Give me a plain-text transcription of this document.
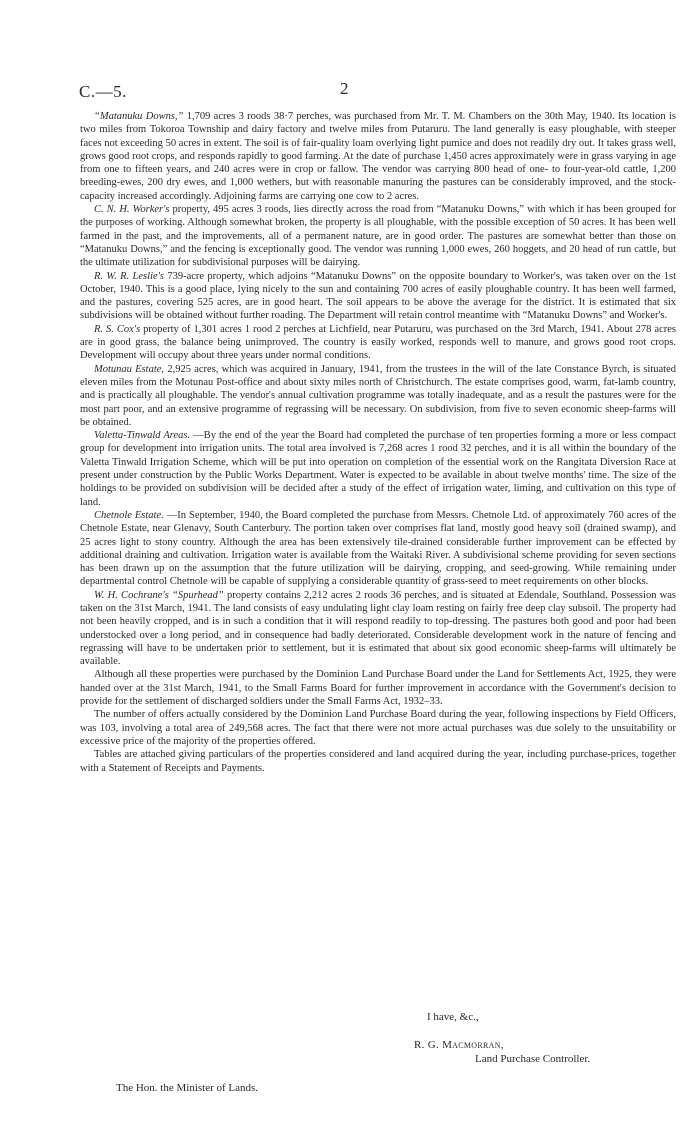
C.—5.	2

“Matanuku Downs,” 1,709 acres 3 roods 38·7 perches, was purchased from Mr. T. M. Chambers on the 30th May, 1940. Its location is two miles from Tokoroa Township and dairy factory and twelve miles from Putaruru. The land generally is easy ploughable, with steeper faces not exceeding 50 acres in extent. The soil is of fair-quality loam overlying light pumice and does not readily dry out. It takes grass well, grows good root crops, and responds rapidly to good farming. At the date of purchase 1,450 acres approximately were in grass varying in age from one to fifteen years, and 240 acres were in crop or fallow. The vendor was carrying 800 head of one- to four-year-old cattle, 1,200 breeding-ewes, 200 dry ewes, and 1,000 wethers, but with reasonable manuring the pastures can be considerably improved, and the stock-capacity increased accordingly. Adjoining farms are carrying one cow to 2 acres.

C. N. H. Worker's property, 495 acres 3 roods, lies directly across the road from “Matanuku Downs,” with which it has been grouped for the purposes of working. Although somewhat broken, the property is all ploughable, with the possible exception of 50 acres. It has been well farmed in the past, and the improvements, all of a permanent nature, are in good order. The pastures are somewhat better than those on “Matanuku Downs,” and the fencing is exceptionally good. The vendor was running 1,000 ewes, 260 hoggets, and 20 head of run cattle, but the ultimate utilization for subdivisional purposes will be dairying.

R. W. R. Leslie's 739-acre property, which adjoins “Matanuku Downs” on the opposite boundary to Worker's, was taken over on the 1st October, 1940. This is a good place, lying nicely to the sun and containing 700 acres of easily ploughable country. It has been well farmed, and the pastures, covering 525 acres, are in good heart. The soil appears to be above the average for the district. It is estimated that six subdivisions will be obtained without further roading. The Department will retain control meantime with “Matanuku Downs” and Worker's.

R. S. Cox's property of 1,301 acres 1 rood 2 perches at Lichfield, near Putaruru, was purchased on the 3rd March, 1941. About 278 acres are in good grass, the balance being unimproved. The country is easily worked, responds well to manure, and grows good root crops. Development will occupy about three years under normal conditions.

Motunau Estate, 2,925 acres, which was acquired in January, 1941, from the trustees in the will of the late Constance Byrch, is situated eleven miles from the Motunau Post-office and about sixty miles north of Christchurch. The estate comprises good, warm, fat-lamb country, and is practically all ploughable. The vendor's annual cultivation programme was totally inadequate, and as a result the pastures were for the most part poor, and an extensive programme of regrassing will be necessary. On subdivision, from five to seven economic sheep-farms will be obtained.

Valetta-Tinwald Areas. —By the end of the year the Board had completed the purchase of ten properties forming a more or less compact group for development into irrigation units. The total area involved is 7,268 acres 1 rood 32 perches, and it is all within the boundary of the Valetta Tinwald Irrigation Scheme, which will be put into operation on completion of the essential work on the Rangitata Diversion Race at present under construction by the Public Works Department. Water is expected to be available in about twelve months' time. The size of the holdings to be provided on subdivision will be decided after a study of the effect of irrigation water, liming, and cultivation on this type of land.

Chetnole Estate. —In September, 1940, the Board completed the purchase from Messrs. Chetnole Ltd. of approximately 760 acres of the Chetnole Estate, near Glenavy, South Canterbury. The portion taken over comprises flat land, mostly good heavy soil (drained swamp), and 25 acres light to stony country. Although the area has been extensively tile-drained considerable further improvement can be effected by additional draining and cultivation. Irrigation water is available from the Waitaki River. A subdivisional scheme providing for seven sections has been drawn up on the assumption that the future utilization will be dairying, cropping, and seed-growing. While remaining under departmental control Chetnole will be capable of supplying a considerable quantity of grass-seed to meet requirements on other blocks.

W. H. Cochrane's “Spurhead” property contains 2,212 acres 2 roods 36 perches, and is situated at Edendale, Southland. Possession was taken on the 31st March, 1941. The land consists of easy undulating light clay loam resting on fairly free deep clay subsoil. The property had not been heavily cropped, and is in such a condition that it will respond readily to top-dressing. The pastures both good and poor had been understocked over a long period, and in consequence had badly deteriorated. Considerable development work in the nature of fencing and regrassing will have to be undertaken prior to settlement, but it is estimated that about six good economic sheep-farms will ultimately be available.

Although all these properties were purchased by the Dominion Land Purchase Board under the Land for Settlements Act, 1925, they were handed over at the 31st March, 1941, to the Small Farms Board for further improvement in accordance with the Government's decision to provide for the settlement of discharged soldiers under the Small Farms Act, 1932–33.

The number of offers actually considered by the Dominion Land Purchase Board during the year, following inspections by Field Officers, was 103, involving a total area of 249,568 acres. The fact that there were not more actual purchases was due solely to the unsuitability or excessive price of the majority of the properties offered.

Tables are attached giving particulars of the properties considered and land acquired during the year, including purchase-prices, together with a Statement of Receipts and Payments.

I have, &c.,
R. G. Macmorran,
Land Purchase Controller.
The Hon. the Minister of Lands.
